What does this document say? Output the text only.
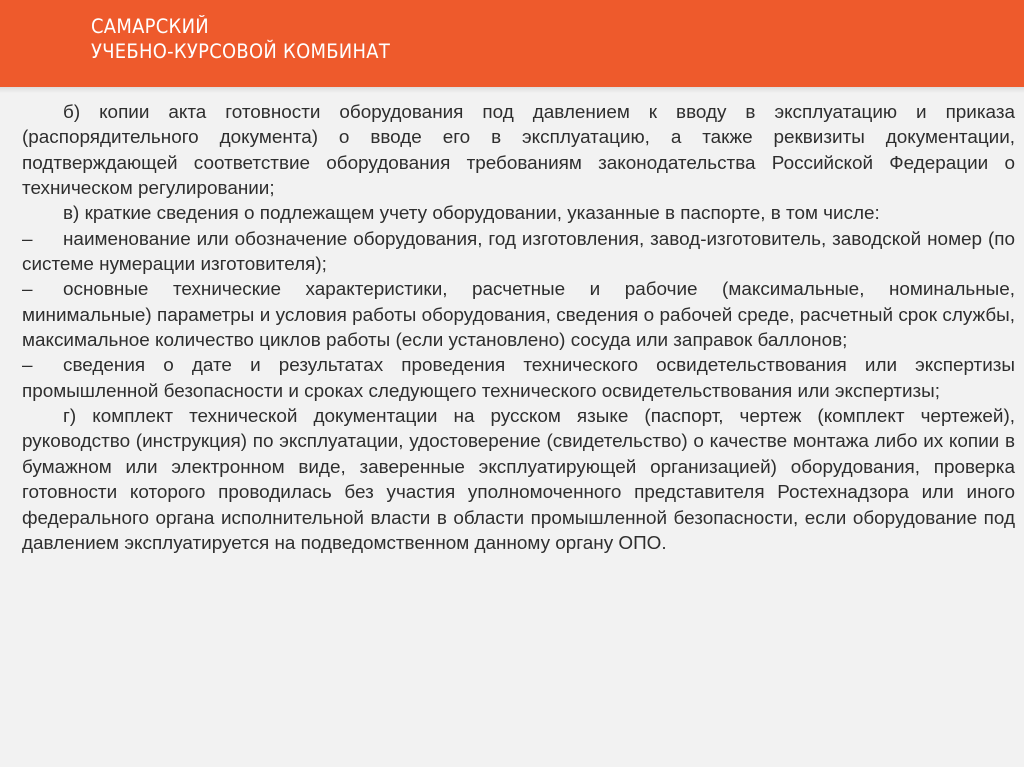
САМАРСКИЙ
УЧЕБНО-КУРСОВОЙ КОМБИНАТ

б) копии акта готовности оборудования под давлением к вводу в эксплуатацию и приказа (распорядительного документа) о вводе его в эксплуатацию, а также реквизиты документации, подтверждающей соответствие оборудования требованиям законодательства Российской Федерации о техническом регулировании;

в) краткие сведения о подлежащем учету оборудовании, указанные в паспорте, в том числе:

– наименование или обозначение оборудования, год изготовления, завод-изготовитель, заводской номер (по системе нумерации изготовителя);

– основные технические характеристики, расчетные и рабочие (максимальные, номинальные, минимальные) параметры и условия работы оборудования, сведения о рабочей среде, расчетный срок службы, максимальное количество циклов работы (если установлено) сосуда или заправок баллонов;

– сведения о дате и результатах проведения технического освидетельствования или экспертизы промышленной безопасности и сроках следующего технического освидетельствования или экспертизы;

г) комплект технической документации на русском языке (паспорт, чертеж (комплект чертежей), руководство (инструкция) по эксплуатации, удостоверение (свидетельство) о качестве монтажа либо их копии в бумажном или электронном виде, заверенные эксплуатирующей организацией) оборудования, проверка готовности которого проводилась без участия уполномоченного представителя Ростехнадзора или иного федерального органа исполнительной власти в области промышленной безопасности, если оборудование под давлением эксплуатируется на подведомственном данному органу ОПО.
